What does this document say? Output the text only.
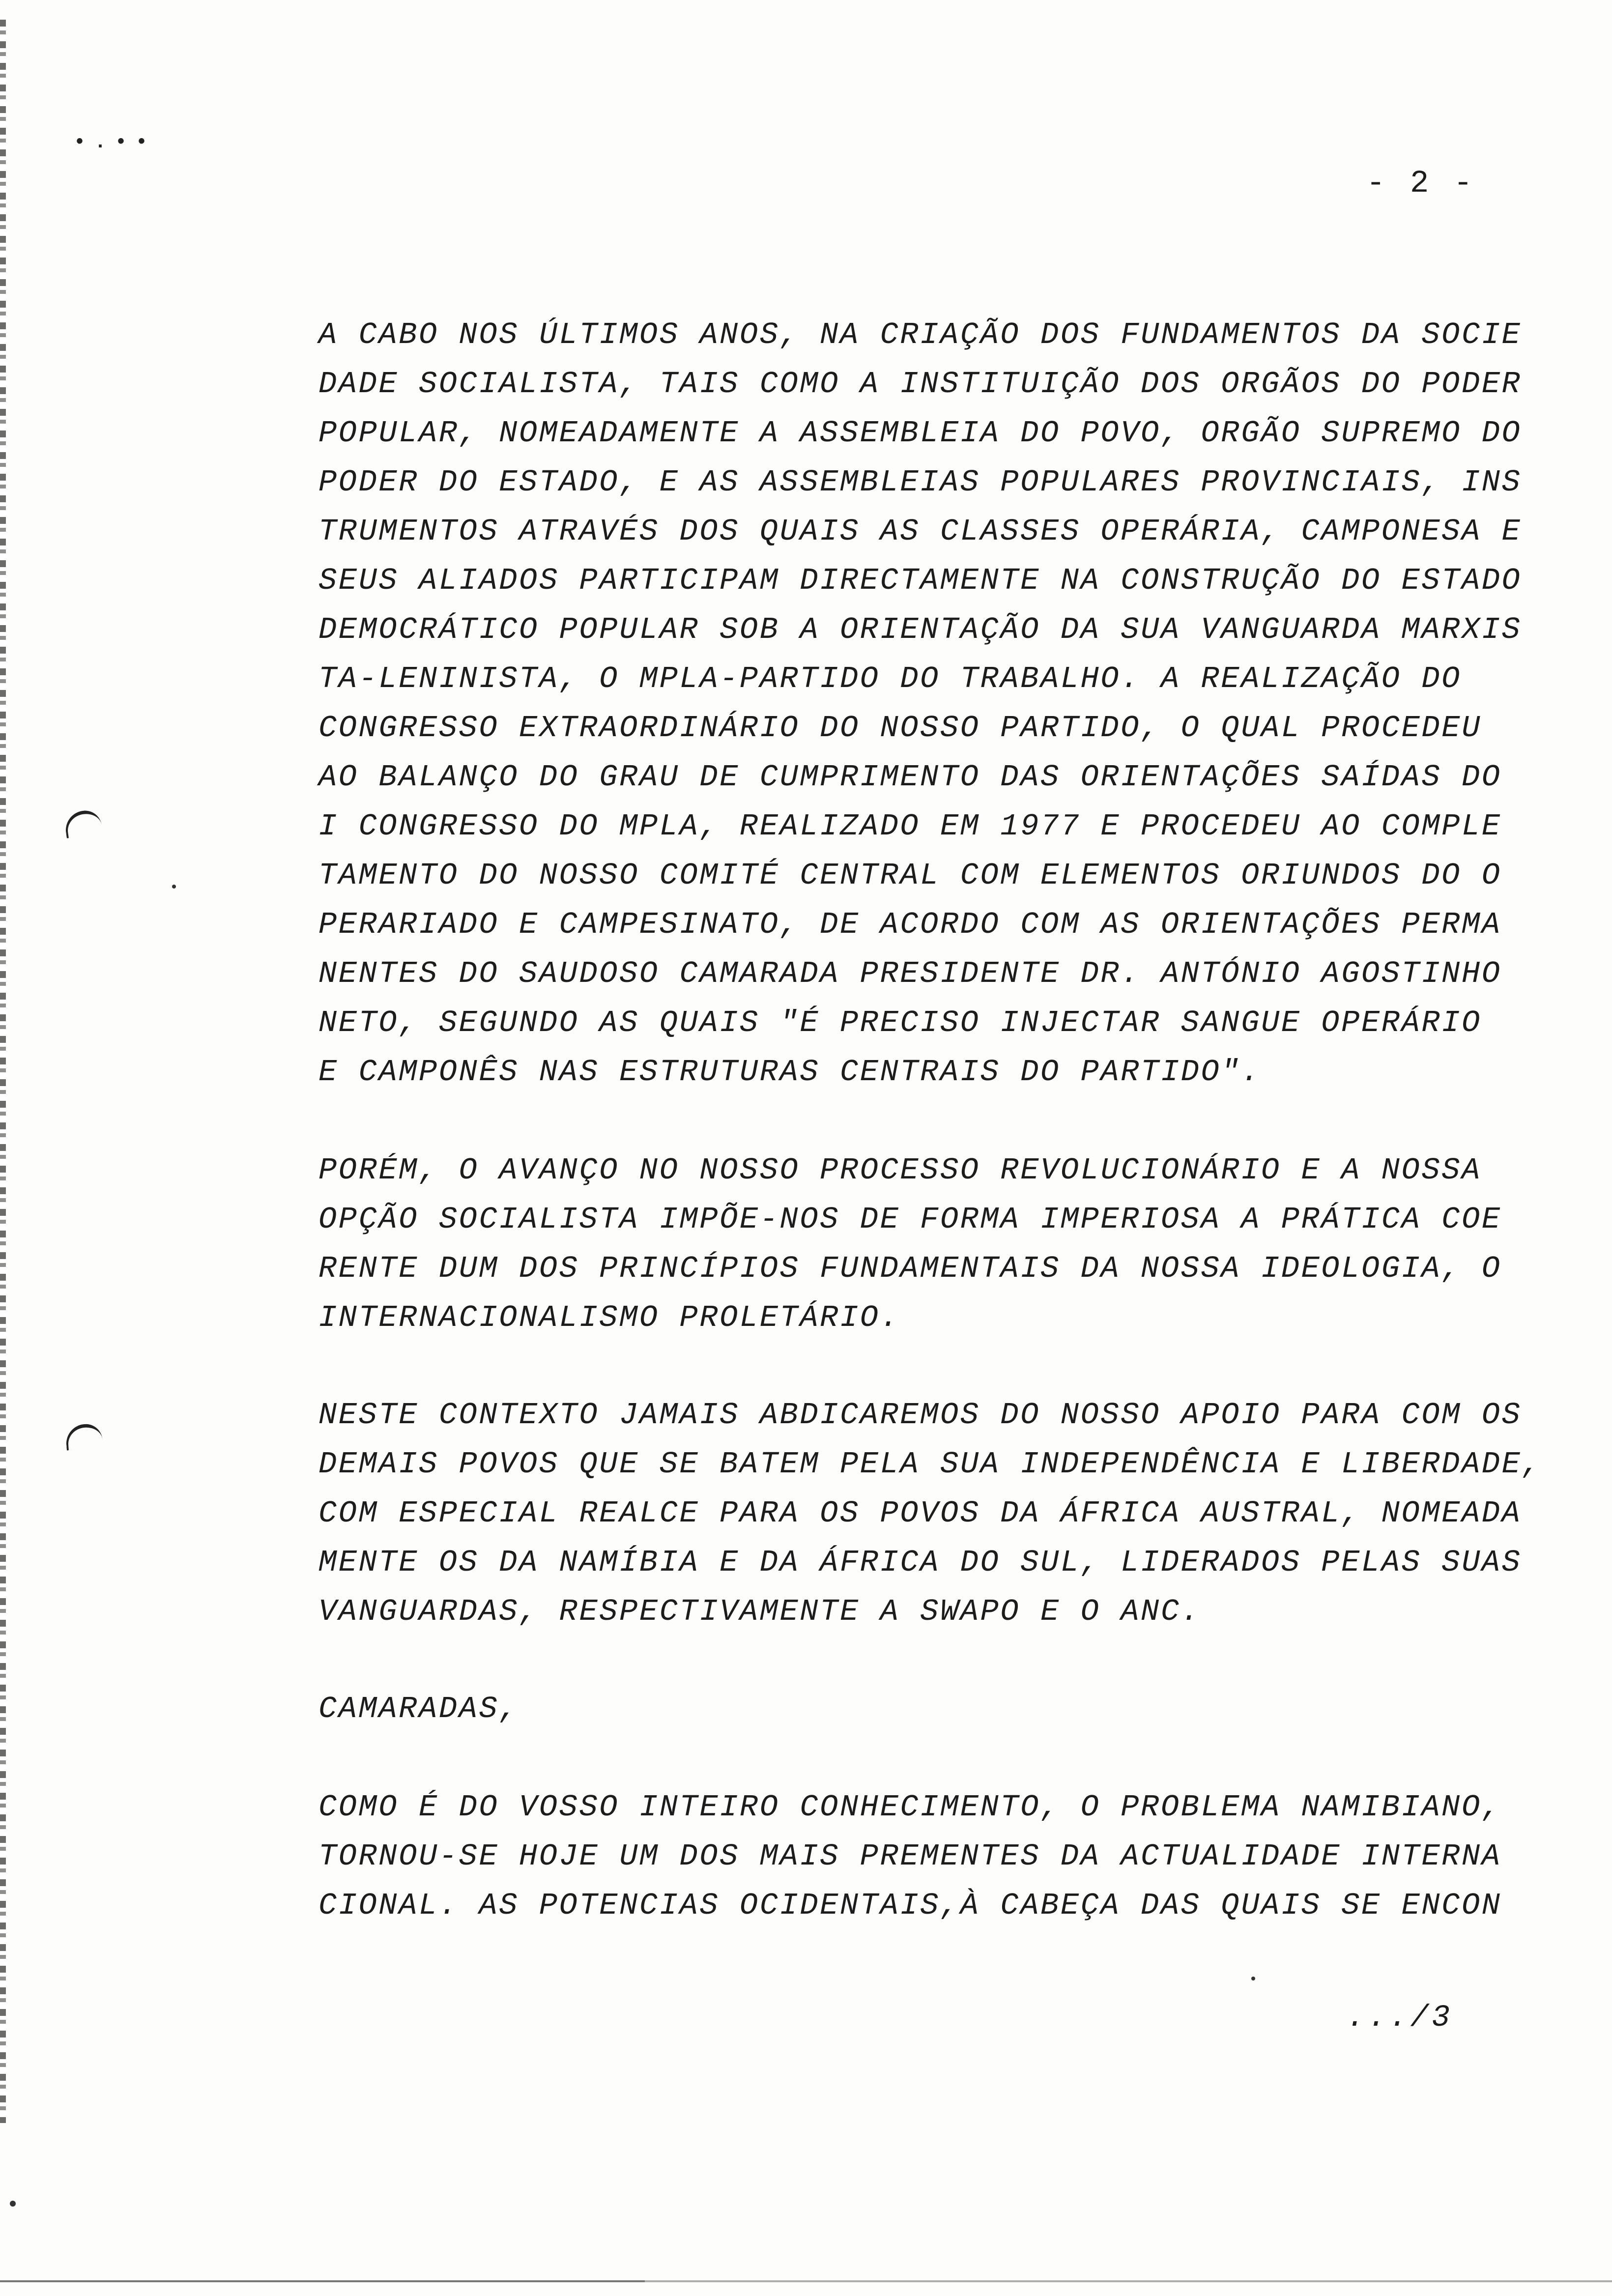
•.••
- 2 -
A CABO NOS ÚLTIMOS ANOS, NA CRIAÇÃO DOS FUNDAMENTOS DA SOCIE
DADE SOCIALISTA, TAIS COMO A INSTITUIÇÃO DOS ORGÃOS DO PODER
POPULAR, NOMEADAMENTE A ASSEMBLEIA DO POVO, ORGÃO SUPREMO DO
PODER DO ESTADO, E AS ASSEMBLEIAS POPULARES PROVINCIAIS, INS
TRUMENTOS ATRAVÉS DOS QUAIS AS CLASSES OPERÁRIA, CAMPONESA E
SEUS ALIADOS PARTICIPAM DIRECTAMENTE NA CONSTRUÇÃO DO ESTADO
DEMOCRÁTICO POPULAR SOB A ORIENTAÇÃO DA SUA VANGUARDA MARXIS
TA-LENINISTA, O MPLA-PARTIDO DO TRABALHO. A REALIZAÇÃO DO
CONGRESSO EXTRAORDINÁRIO DO NOSSO PARTIDO, O QUAL PROCEDEU
AO BALANÇO DO GRAU DE CUMPRIMENTO DAS ORIENTAÇÕES SAÍDAS DO
I CONGRESSO DO MPLA, REALIZADO EM 1977 E PROCEDEU AO COMPLE
TAMENTO DO NOSSO COMITÉ CENTRAL COM ELEMENTOS ORIUNDOS DO O
PERARIADO E CAMPESINATO, DE ACORDO COM AS ORIENTAÇÕES PERMA
NENTES DO SAUDOSO CAMARADA PRESIDENTE DR. ANTÓNIO AGOSTINHO
NETO, SEGUNDO AS QUAIS "É PRECISO INJECTAR SANGUE OPERÁRIO
E CAMPONÊS NAS ESTRUTURAS CENTRAIS DO PARTIDO".
PORÉM, O AVANÇO NO NOSSO PROCESSO REVOLUCIONÁRIO E A NOSSA
OPÇÃO SOCIALISTA IMPÕE-NOS DE FORMA IMPERIOSA A PRÁTICA COE
RENTE DUM DOS PRINCÍPIOS FUNDAMENTAIS DA NOSSA IDEOLOGIA, O
INTERNACIONALISMO PROLETÁRIO.
NESTE CONTEXTO JAMAIS ABDICAREMOS DO NOSSO APOIO PARA COM OS
DEMAIS POVOS QUE SE BATEM PELA SUA INDEPENDÊNCIA E LIBERDADE,
COM ESPECIAL REALCE PARA OS POVOS DA ÁFRICA AUSTRAL, NOMEADA
MENTE OS DA NAMÍBIA E DA ÁFRICA DO SUL, LIDERADOS PELAS SUAS
VANGUARDAS, RESPECTIVAMENTE A SWAPO E O ANC.
CAMARADAS,
COMO É DO VOSSO INTEIRO CONHECIMENTO, O PROBLEMA NAMIBIANO,
TORNOU-SE HOJE UM DOS MAIS PREMENTES DA ACTUALIDADE INTERNA
CIONAL. AS POTENCIAS OCIDENTAIS,À CABEÇA DAS QUAIS SE ENCON
.../3
